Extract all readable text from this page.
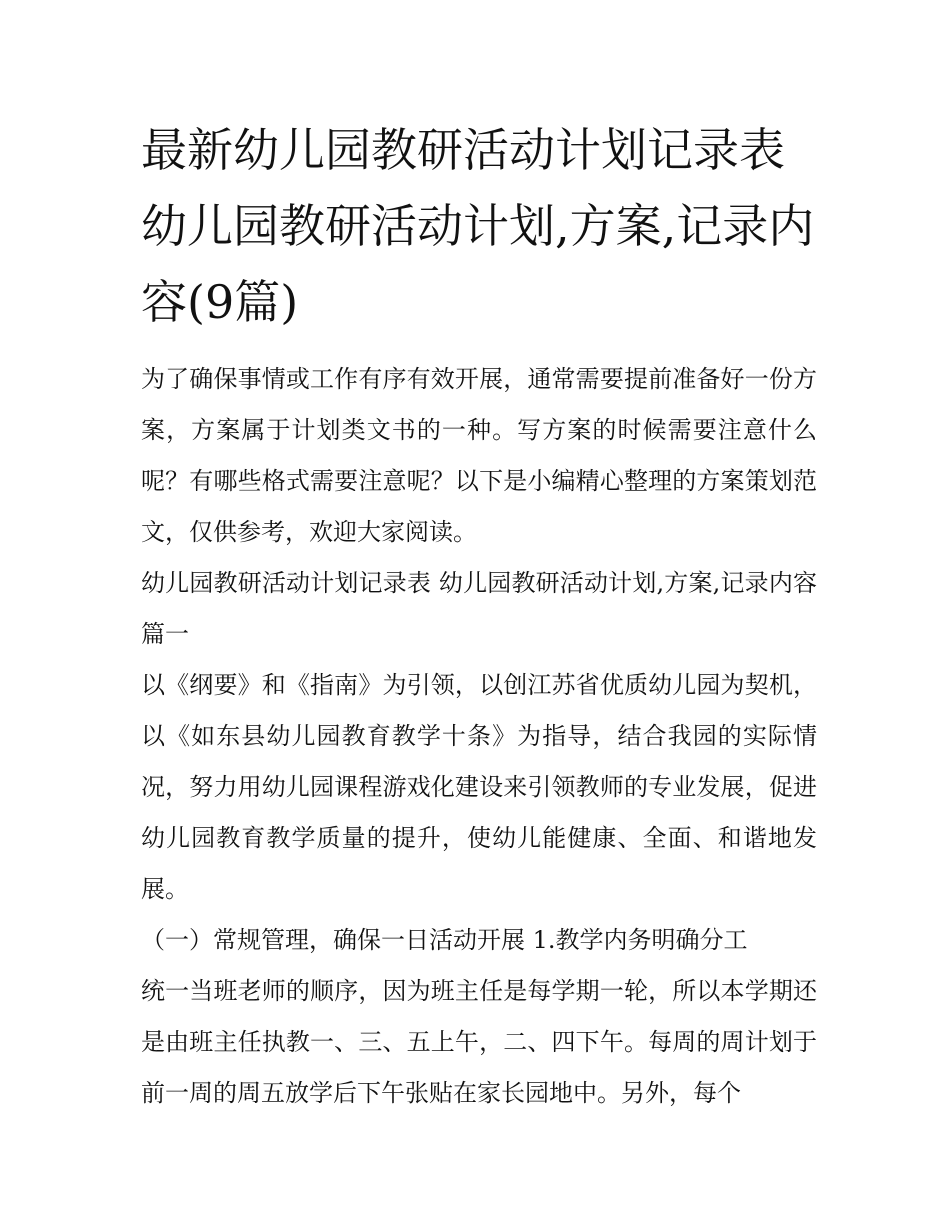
最新幼儿园教研活动计划记录表 幼儿园教研活动计划,方案,记录内容(9篇)

为了确保事情或工作有序有效开展，通常需要提前准备好一份方案，方案属于计划类文书的一种。写方案的时候需要注意什么呢？有哪些格式需要注意呢？以下是小编精心整理的方案策划范文，仅供参考，欢迎大家阅读。

幼儿园教研活动计划记录表 幼儿园教研活动计划,方案,记录内容篇一

以《纲要》和《指南》为引领，以创江苏省优质幼儿园为契机，以《如东县幼儿园教育教学十条》为指导，结合我园的实际情况，努力用幼儿园课程游戏化建设来引领教师的专业发展，促进幼儿园教育教学质量的提升，使幼儿能健康、全面、和谐地发展。

（一）常规管理，确保一日活动开展 1.教学内务明确分工

统一当班老师的顺序，因为班主任是每学期一轮，所以本学期还是由班主任执教一、三、五上午，二、四下午。每周的周计划于前一周的周五放学后下午张贴在家长园地中。另外，每个
